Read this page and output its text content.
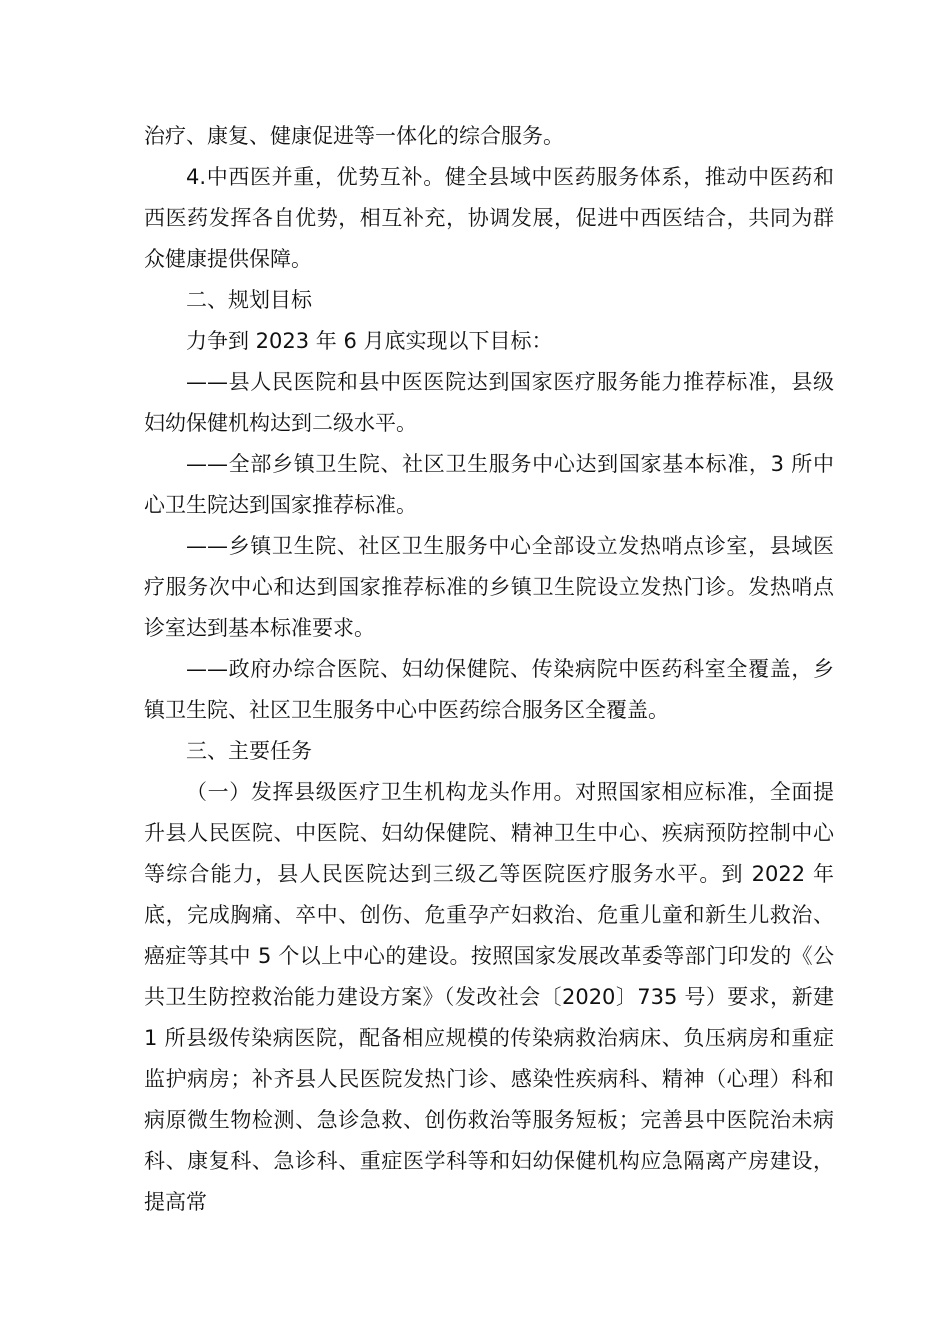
治疗、康复、健康促进等一体化的综合服务。

4.中西医并重，优势互补。健全县域中医药服务体系，推动中医药和西医药发挥各自优势，相互补充，协调发展，促进中西医结合，共同为群众健康提供保障。

二、规划目标

力争到 2023 年 6 月底实现以下目标：

——县人民医院和县中医医院达到国家医疗服务能力推荐标准，县级妇幼保健机构达到二级水平。

——全部乡镇卫生院、社区卫生服务中心达到国家基本标准，3 所中心卫生院达到国家推荐标准。

——乡镇卫生院、社区卫生服务中心全部设立发热哨点诊室，县域医疗服务次中心和达到国家推荐标准的乡镇卫生院设立发热门诊。发热哨点诊室达到基本标准要求。

——政府办综合医院、妇幼保健院、传染病院中医药科室全覆盖，乡镇卫生院、社区卫生服务中心中医药综合服务区全覆盖。

三、主要任务

（一）发挥县级医疗卫生机构龙头作用。对照国家相应标准，全面提升县人民医院、中医院、妇幼保健院、精神卫生中心、疾病预防控制中心等综合能力，县人民医院达到三级乙等医院医疗服务水平。到 2022 年底，完成胸痛、卒中、创伤、危重孕产妇救治、危重儿童和新生儿救治、癌症等其中 5 个以上中心的建设。按照国家发展改革委等部门印发的《公共卫生防控救治能力建设方案》（发改社会〔2020〕735 号）要求，新建 1 所县级传染病医院，配备相应规模的传染病救治病床、负压病房和重症监护病房；补齐县人民医院发热门诊、感染性疾病科、精神（心理）科和病原微生物检测、急诊急救、创伤救治等服务短板；完善县中医院治未病科、康复科、急诊科、重症医学科等和妇幼保健机构应急隔离产房建设，提高常
